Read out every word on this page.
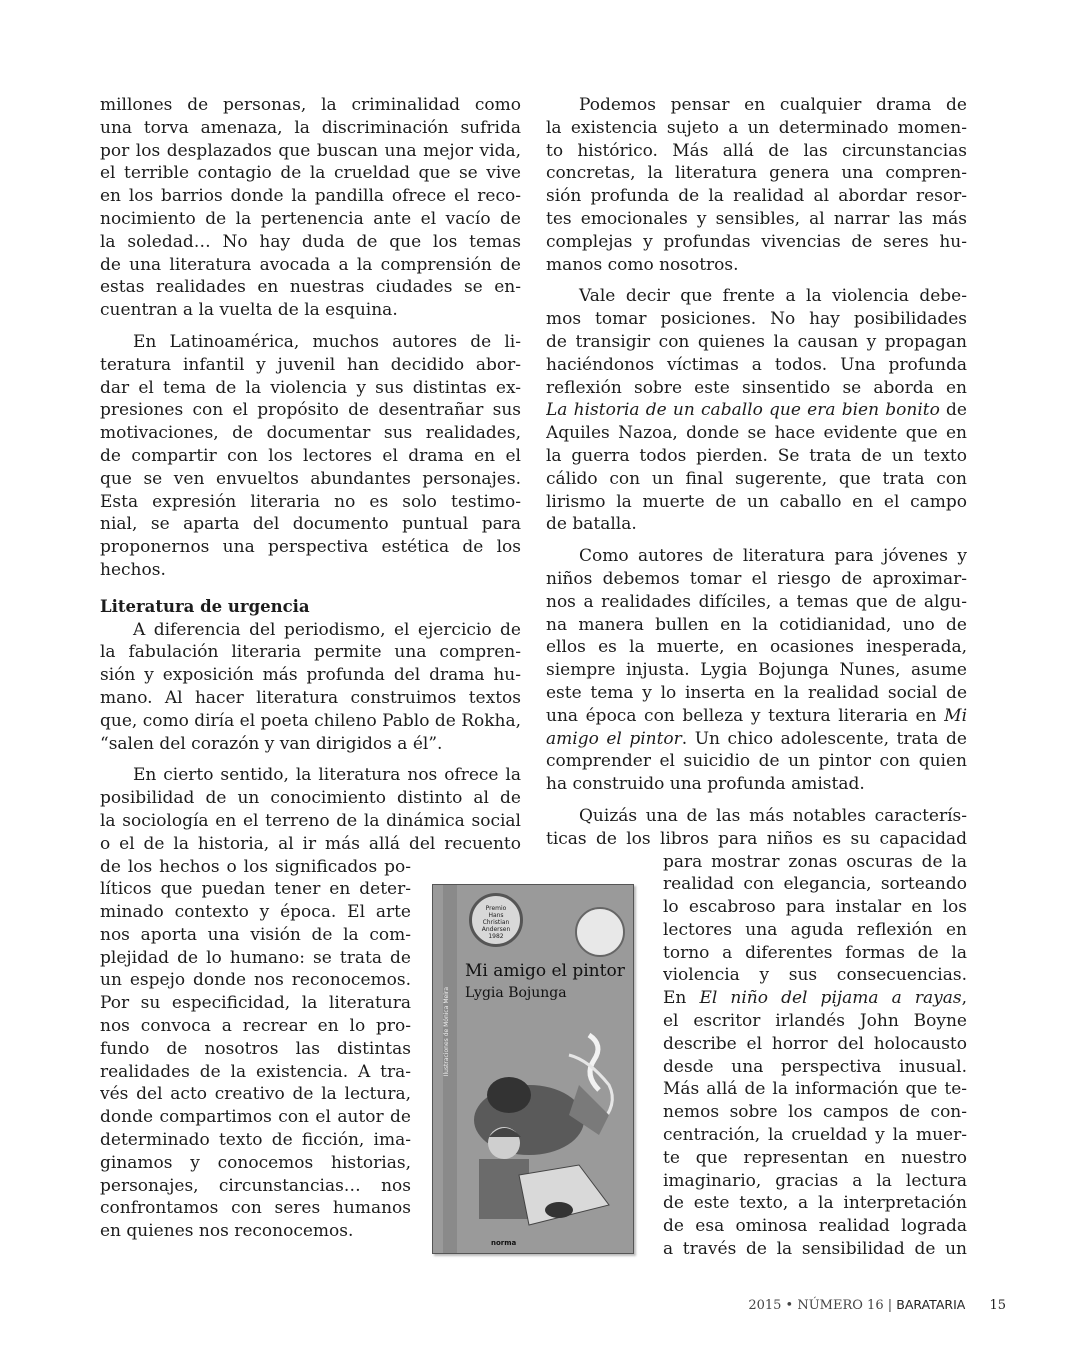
millones de personas, la criminalidad como
una torva amenaza, la discriminación sufrida
por los desplazados que buscan una mejor vida,
el terrible contagio de la crueldad que se vive
en los barrios donde la pandilla ofrece el reco-
nocimiento de la pertenencia ante el vacío de
la soledad… No hay duda de que los temas
de una literatura avocada a la comprensión de
estas realidades en nuestras ciudades se en-
cuentran a la vuelta de la esquina.
En Latinoamérica, muchos autores de li-
teratura infantil y juvenil han decidido abor-
dar el tema de la violencia y sus distintas ex-
presiones con el propósito de desentrañar sus
motivaciones, de documentar sus realidades,
de compartir con los lectores el drama en el
que se ven envueltos abundantes personajes.
Esta expresión literaria no es solo testimo-
nial, se aparta del documento puntual para
proponernos una perspectiva estética de los
hechos.
Literatura de urgencia
A diferencia del periodismo, el ejercicio de
la fabulación literaria permite una compren-
sión y exposición más profunda del drama hu-
mano. Al hacer literatura construimos textos
que, como diría el poeta chileno Pablo de Rokha,
“salen del corazón y van dirigidos a él”.
En cierto sentido, la literatura nos ofrece la
posibilidad de un conocimiento distinto al de
la sociología en el terreno de la dinámica social
o el de la historia, al ir más allá del recuento
de los hechos o los significados po-
líticos que puedan tener en deter-
minado contexto y época. El arte
nos aporta una visión de la com-
plejidad de lo humano: se trata de
un espejo donde nos reconocemos.
Por su especificidad, la literatura
nos convoca a recrear en lo pro-
fundo de nosotros las distintas
realidades de la existencia. A tra-
vés del acto creativo de la lectura,
donde compartimos con el autor de
determinado texto de ficción, ima-
ginamos y conocemos historias,
personajes, circunstancias… nos
confrontamos con seres humanos
en quienes nos reconocemos.
Podemos pensar en cualquier drama de
la existencia sujeto a un determinado momen-
to histórico. Más allá de las circunstancias
concretas, la literatura genera una compren-
sión profunda de la realidad al abordar resor-
tes emocionales y sensibles, al narrar las más
complejas y profundas vivencias de seres hu-
manos como nosotros.
Vale decir que frente a la violencia debe-
mos tomar posiciones. No hay posibilidades
de transigir con quienes la causan y propagan
haciéndonos víctimas a todos. Una profunda
reflexión sobre este sinsentido se aborda en
La historia de un caballo que era bien bonito de
Aquiles Nazoa, donde se hace evidente que en
la guerra todos pierden. Se trata de un texto
cálido con un final sugerente, que trata con
lirismo la muerte de un caballo en el campo
de batalla.
Como autores de literatura para jóvenes y
niños debemos tomar el riesgo de aproximar-
nos a realidades difíciles, a temas que de algu-
na manera bullen en la cotidianidad, uno de
ellos es la muerte, en ocasiones inesperada,
siempre injusta. Lygia Bojunga Nunes, asume
este tema y lo inserta en la realidad social de
una época con belleza y textura literaria en Mi
amigo el pintor. Un chico adolescente, trata de
comprender el suicidio de un pintor con quien
ha construido una profunda amistad.
Quizás una de las más notables caracterís-
ticas de los libros para niños es su capacidad
para mostrar zonas oscuras de la
realidad con elegancia, sorteando
lo escabroso para instalar en los
lectores una aguda reflexión en
torno a diferentes formas de la
violencia y sus consecuencias.
En El niño del pijama a rayas,
el escritor irlandés John Boyne
describe el horror del holocausto
desde una perspectiva inusual.
Más allá de la información que te-
nemos sobre los campos de con-
centración, la crueldad y la muer-
te que representan en nuestro
imaginario, gracias a la lectura
de este texto, a la interpretación
de esa ominosa realidad lograda
a través de la sensibilidad de un
Ilustraciones de Mónica Meira
Premio
Hans
Christian
Andersen
1982
Mi amigo el pintor
Lygia Bojunga
norma
2015 • NÚMERO 16 | BARATARIA 15
